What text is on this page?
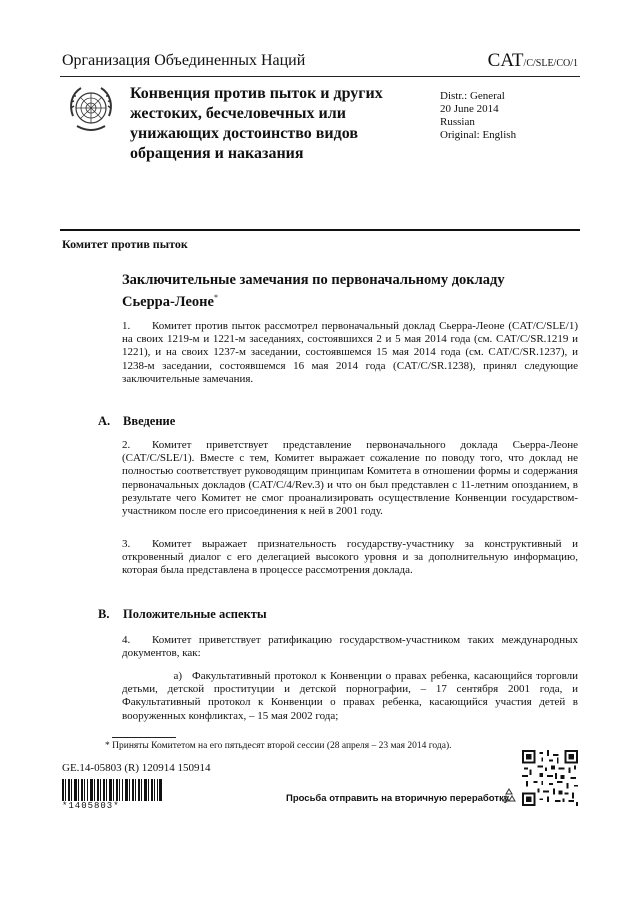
Организация Объединенных Наций	CAT/C/SLE/CO/1
Конвенция против пыток и других жестоких, бесчеловечных или унижающих достоинство видов обращения и наказания
Distr.: General
20 June 2014
Russian
Original: English
Комитет против пыток
Заключительные замечания по первоначальному докладу Сьерра-Леоне*
1. Комитет против пыток рассмотрел первоначальный доклад Сьерра-Леоне (CAT/C/SLE/1) на своих 1219-м и 1221-м заседаниях, состоявшихся 2 и 5 мая 2014 года (см. CAT/C/SR.1219 и 1221), и на своих 1237-м заседании, состоявшемся 15 мая 2014 года (см. CAT/C/SR.1237), и 1238-м заседании, состоявшемся 16 мая 2014 года (CAT/C/SR.1238), принял следующие заключительные замечания.
A. Введение
2. Комитет приветствует представление первоначального доклада Сьерра-Леоне (CAT/C/SLE/1). Вместе с тем, Комитет выражает сожаление по поводу того, что доклад не полностью соответствует руководящим принципам Комитета в отношении формы и содержания первоначальных докладов (CAT/C/4/Rev.3) и что он был представлен с 11-летним опозданием, в результате чего Комитет не смог проанализировать осуществление Конвенции государством-участником после его присоединения к ней в 2001 году.
3. Комитет выражает признательность государству-участнику за конструктивный и откровенный диалог с его делегацией высокого уровня и за дополнительную информацию, которая была представлена в процессе рассмотрения доклада.
B. Положительные аспекты
4. Комитет приветствует ратификацию государством-участником таких международных документов, как:
a) Факультативный протокол к Конвенции о правах ребенка, касающийся торговли детьми, детской проституции и детской порнографии, – 17 сентября 2001 года, и Факультативный протокол к Конвенции о правах ребенка, касающийся участия детей в вооруженных конфликтах, – 15 мая 2002 года;
* Приняты Комитетом на его пятьдесят второй сессии (28 апреля – 23 мая 2014 года).
GE.14-05803 (R) 120914 150914
*1405803*
Просьба отправить на вторичную переработку
